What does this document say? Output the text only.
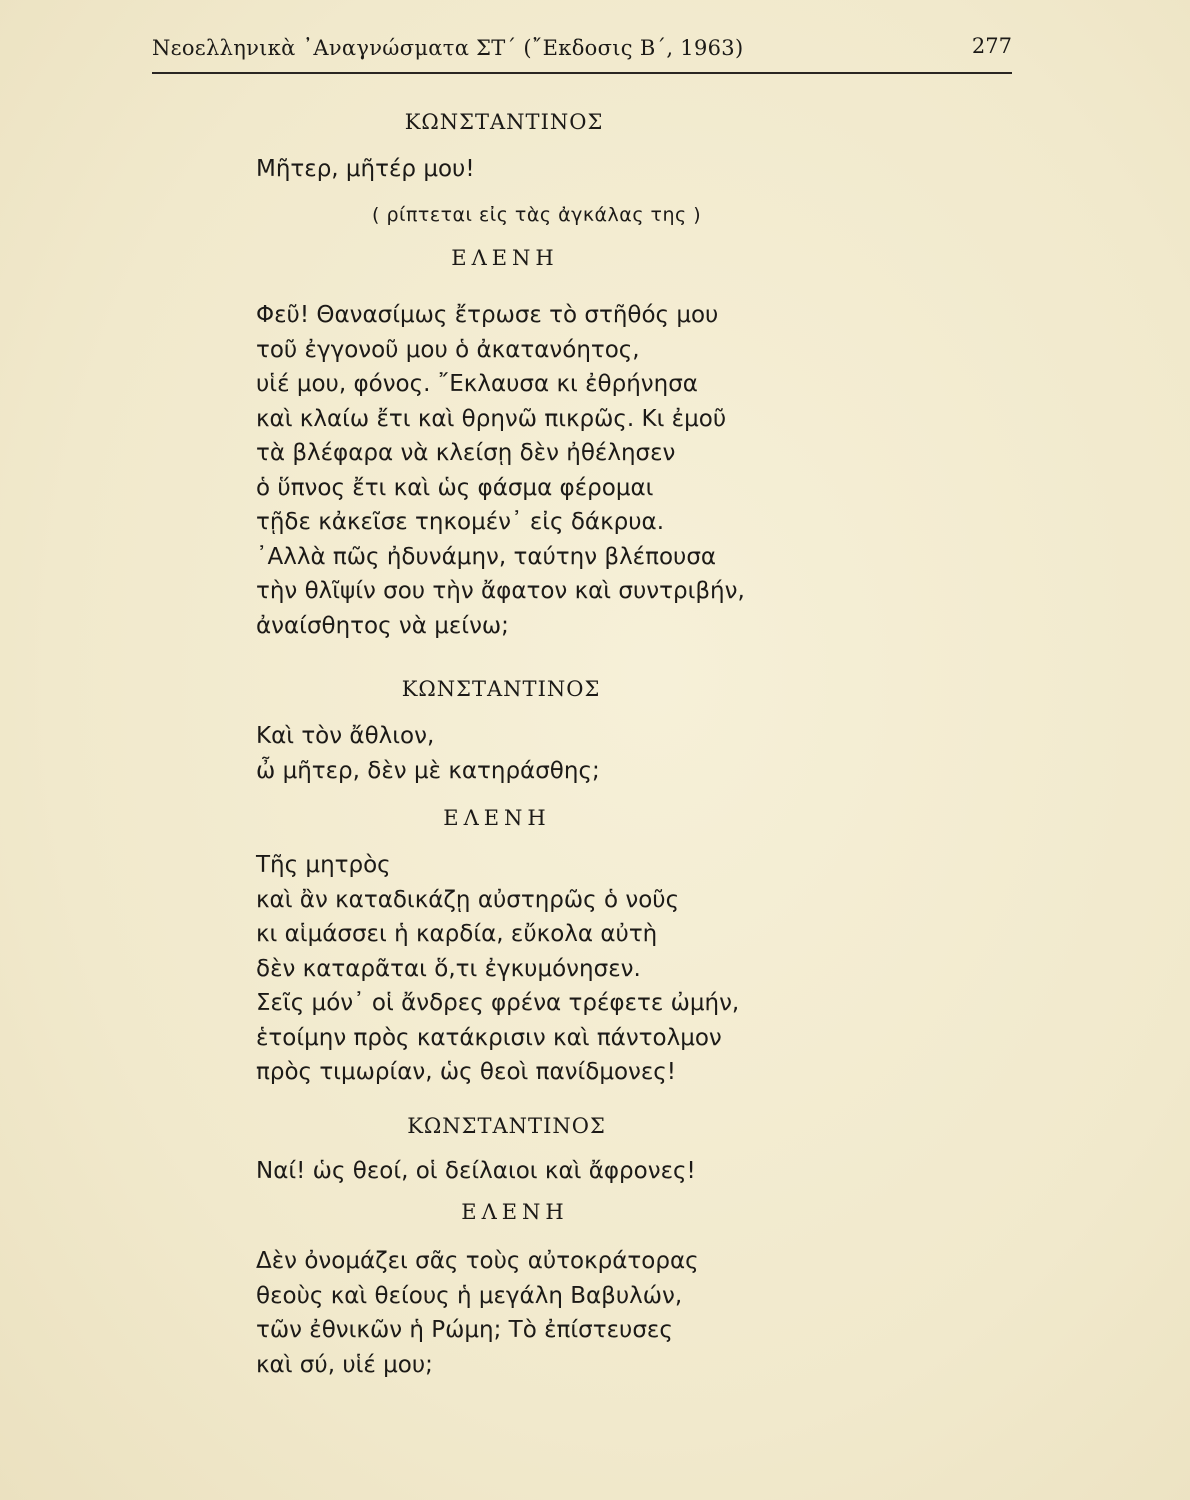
Νεοελληνικὰ ᾿Αναγνώσματα ΣΤ΄ (῎Εκδοσις Β΄, 1963)	277
ΚΩΝΣΤΑΝΤΙΝΟΣ
Μῆτερ, μῆτέρ μου!
( ρίπτεται εἰς τὰς ἀγκάλας της )
ΕΛΕΝΗ
Φεῦ! Θανασίμως ἔτρωσε τὸ στῆθός μου
τοῦ ἐγγονοῦ μου ὁ ἀκατανόητος,
υἱέ μου, φόνος. ῎Εκλαυσα κι ἐθρήνησα
καὶ κλαίω ἔτι καὶ θρηνῶ πικρῶς. Κι ἐμοῦ
τὰ βλέφαρα νὰ κλείσῃ δὲν ἠθέλησεν
ὁ ὕπνος ἔτι καὶ ὡς φάσμα φέρομαι
τῇδε κἀκεῖσε τηκομέν᾿ εἰς δάκρυα.
᾿Αλλὰ πῶς ἠδυνάμην, ταύτην βλέπουσα
τὴν θλῖψίν σου τὴν ἄφατον καὶ συντριβήν,
ἀναίσθητος νὰ μείνω;
ΚΩΝΣΤΑΝΤΙΝΟΣ
Καὶ τὸν ἄθλιον,
ὦ μῆτερ, δὲν μὲ κατηράσθης;
ΕΛΕΝΗ
Τῆς μητρὸς
καὶ ἂν καταδικάζῃ αὐστηρῶς ὁ νοῦς
κι αἱμάσσει ἡ καρδία, εὔκολα αὐτὴ
δὲν καταρᾶται ὅ,τι ἐγκυμόνησεν.
Σεῖς μόν᾿ οἱ ἄνδρες φρένα τρέφετε ὠμήν,
ἑτοίμην πρὸς κατάκρισιν καὶ πάντολμον
πρὸς τιμωρίαν, ὡς θεοὶ πανίδμονες!
ΚΩΝΣΤΑΝΤΙΝΟΣ
Ναί! ὡς θεοί, οἱ δείλαιοι καὶ ἄφρονες!
ΕΛΕΝΗ
Δὲν ὀνομάζει σᾶς τοὺς αὐτοκράτορας
θεοὺς καὶ θείους ἡ μεγάλη Βαβυλών,
τῶν ἐθνικῶν ἡ Ρώμη; Τὸ ἐπίστευσες
καὶ σύ, υἱέ μου;
